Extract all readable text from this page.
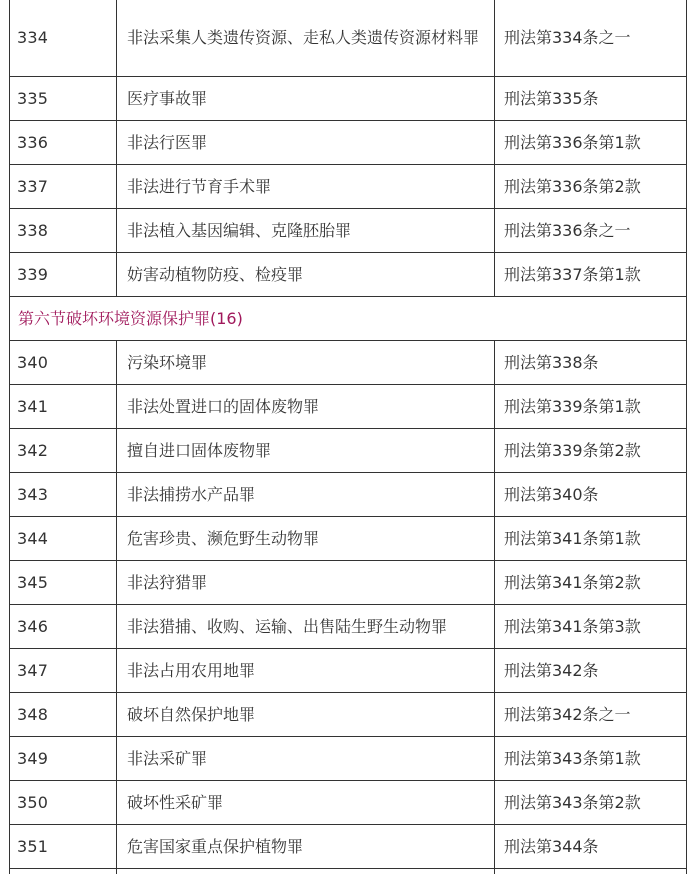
334	非法采集人类遗传资源、走私人类遗传资源材料罪	刑法第334条之一
335	医疗事故罪	刑法第335条
336	非法行医罪	刑法第336条第1款
337	非法进行节育手术罪	刑法第336条第2款
338	非法植入基因编辑、克隆胚胎罪	刑法第336条之一
339	妨害动植物防疫、检疫罪	刑法第337条第1款
第六节破坏环境资源保护罪(16)		
340	污染环境罪	刑法第338条
341	非法处置进口的固体废物罪	刑法第339条第1款
342	擅自进口固体废物罪	刑法第339条第2款
343	非法捕捞水产品罪	刑法第340条
344	危害珍贵、濒危野生动物罪	刑法第341条第1款
345	非法狩猎罪	刑法第341条第2款
346	非法猎捕、收购、运输、出售陆生野生动物罪	刑法第341条第3款
347	非法占用农用地罪	刑法第342条
348	破坏自然保护地罪	刑法第342条之一
349	非法采矿罪	刑法第343条第1款
350	破坏性采矿罪	刑法第343条第2款
351	危害国家重点保护植物罪	刑法第344条
